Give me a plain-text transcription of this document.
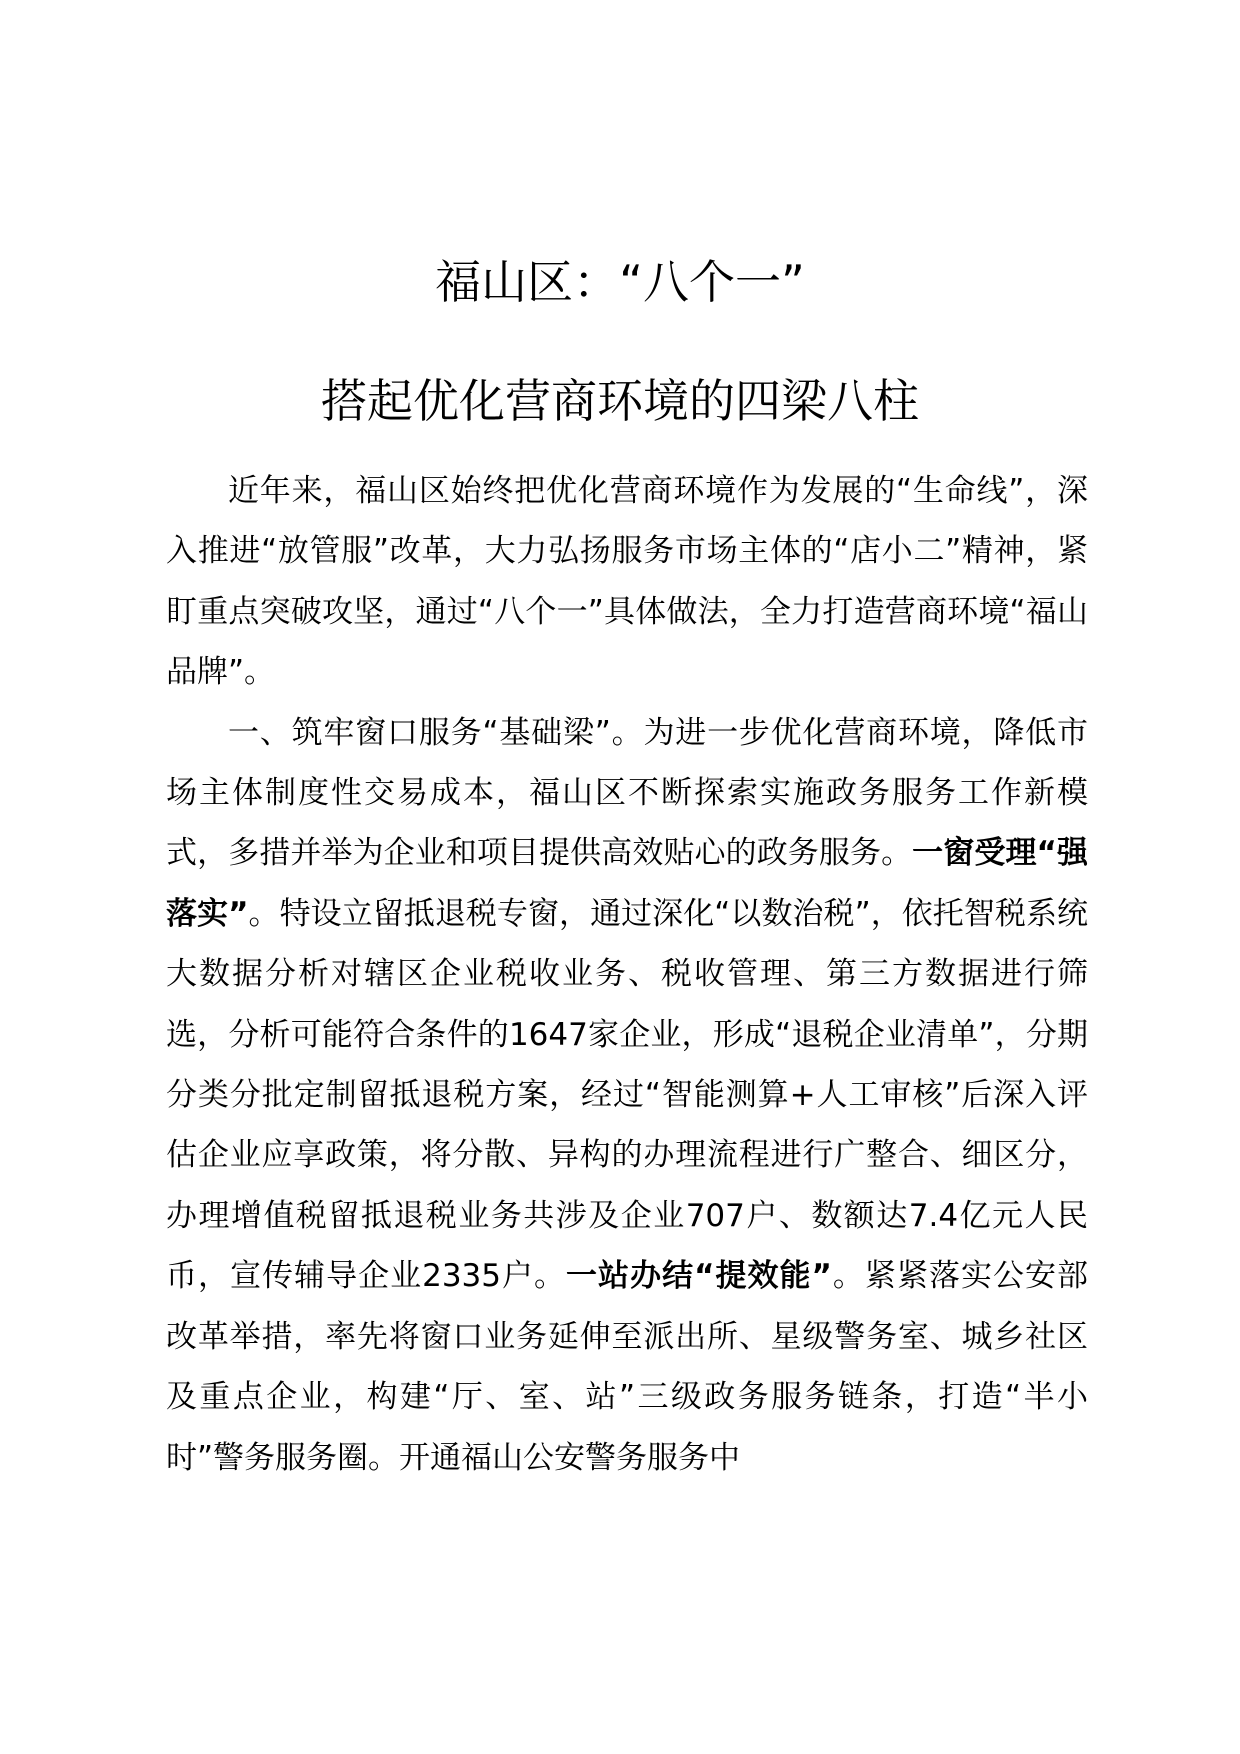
福山区：“八个一”
搭起优化营商环境的四梁八柱

近年来，福山区始终把优化营商环境作为发展的“生命线”，深入推进“放管服”改革，大力弘扬服务市场主体的“店小二”精神，紧盯重点突破攻坚，通过“八个一”具体做法，全力打造营商环境“福山品牌”。

一、筑牢窗口服务“基础梁”。为进一步优化营商环境，降低市场主体制度性交易成本，福山区不断探索实施政务服务工作新模式，多措并举为企业和项目提供高效贴心的政务服务。一窗受理“强落实”。特设立留抵退税专窗，通过深化“以数治税”，依托智税系统大数据分析对辖区企业税收业务、税收管理、第三方数据进行筛选，分析可能符合条件的1647家企业，形成“退税企业清单”，分期分类分批定制留抵退税方案，经过“智能测算+人工审核”后深入评估企业应享政策，将分散、异构的办理流程进行广整合、细区分，办理增值税留抵退税业务共涉及企业707户、数额达7.4亿元人民币，宣传辅导企业2335户。一站办结“提效能”。紧紧落实公安部改革举措，率先将窗口业务延伸至派出所、星级警务室、城乡社区及重点企业，构建“厅、室、站”三级政务服务链条，打造“半小时”警务服务圈。开通福山公安警务服务中
